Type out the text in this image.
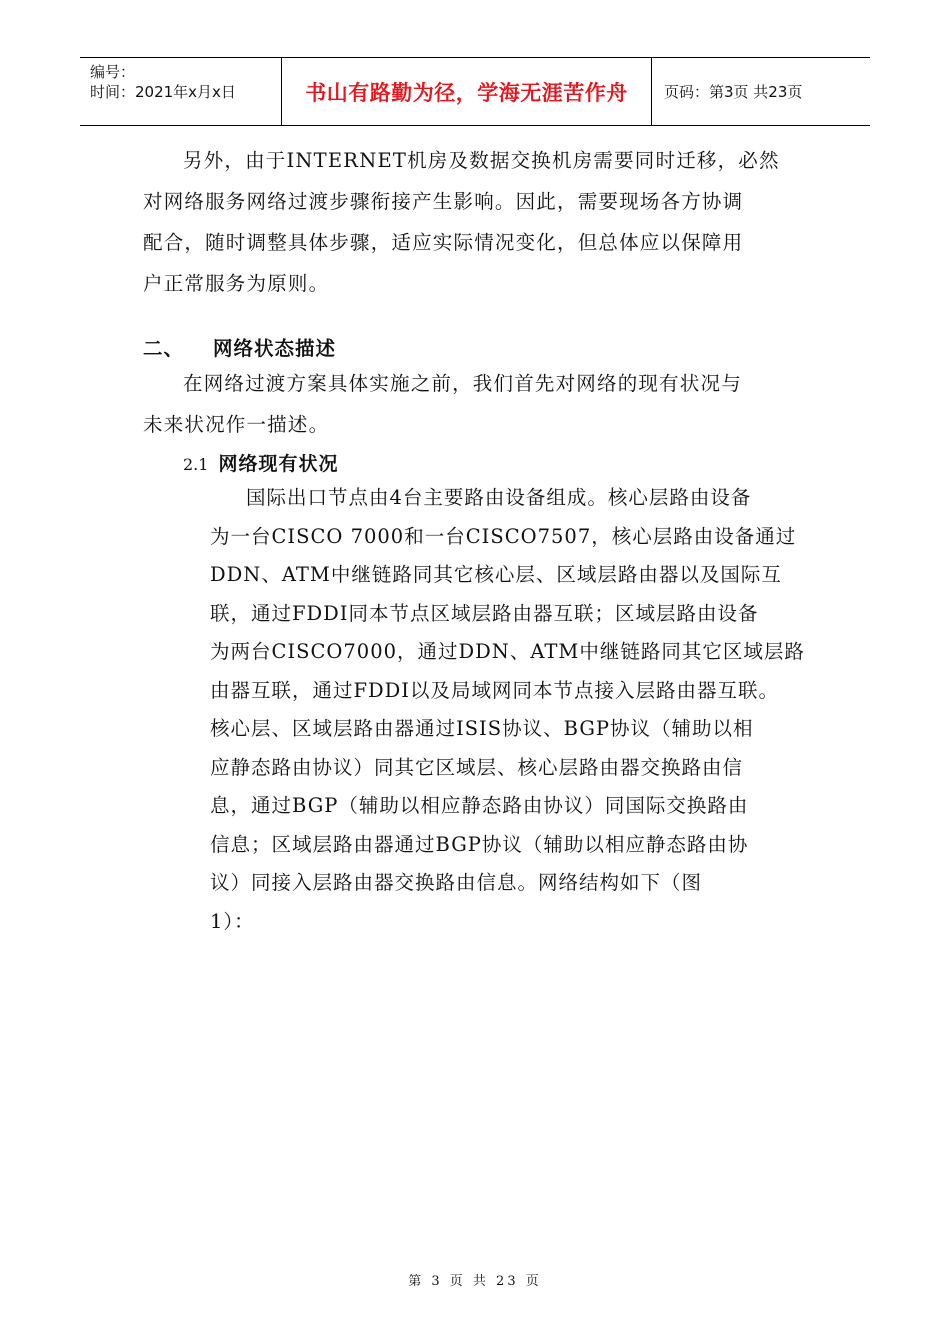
编号：
时间：2021年x月x日	书山有路勤为径，学海无涯苦作舟 页码：第3页 共23页
另外，由于INTERNET机房及数据交换机房需要同时迁移，必然
对网络服务网络过渡步骤衔接产生影响。因此，需要现场各方协调
配合，随时调整具体步骤，适应实际情况变化，但总体应以保障用
户正常服务为原则。
二、 网络状态描述
在网络过渡方案具体实施之前，我们首先对网络的现有状况与
未来状况作一描述。
2.1 网络现有状况
国际出口节点由4台主要路由设备组成。核心层路由设备
为一台CISCO 7000和一台CISCO7507，核心层路由设备通过
DDN、ATM中继链路同其它核心层、区域层路由器以及国际互
联，通过FDDI同本节点区域层路由器互联；区域层路由设备
为两台CISCO7000，通过DDN、ATM中继链路同其它区域层路
由器互联，通过FDDI以及局域网同本节点接入层路由器互联。
核心层、区域层路由器通过ISIS协议、BGP协议（辅助以相
应静态路由协议）同其它区域层、核心层路由器交换路由信
息，通过BGP（辅助以相应静态路由协议）同国际交换路由
信息；区域层路由器通过BGP协议（辅助以相应静态路由协
议）同接入层路由器交换路由信息。网络结构如下（图
1）：
第 3 页 共 23 页
